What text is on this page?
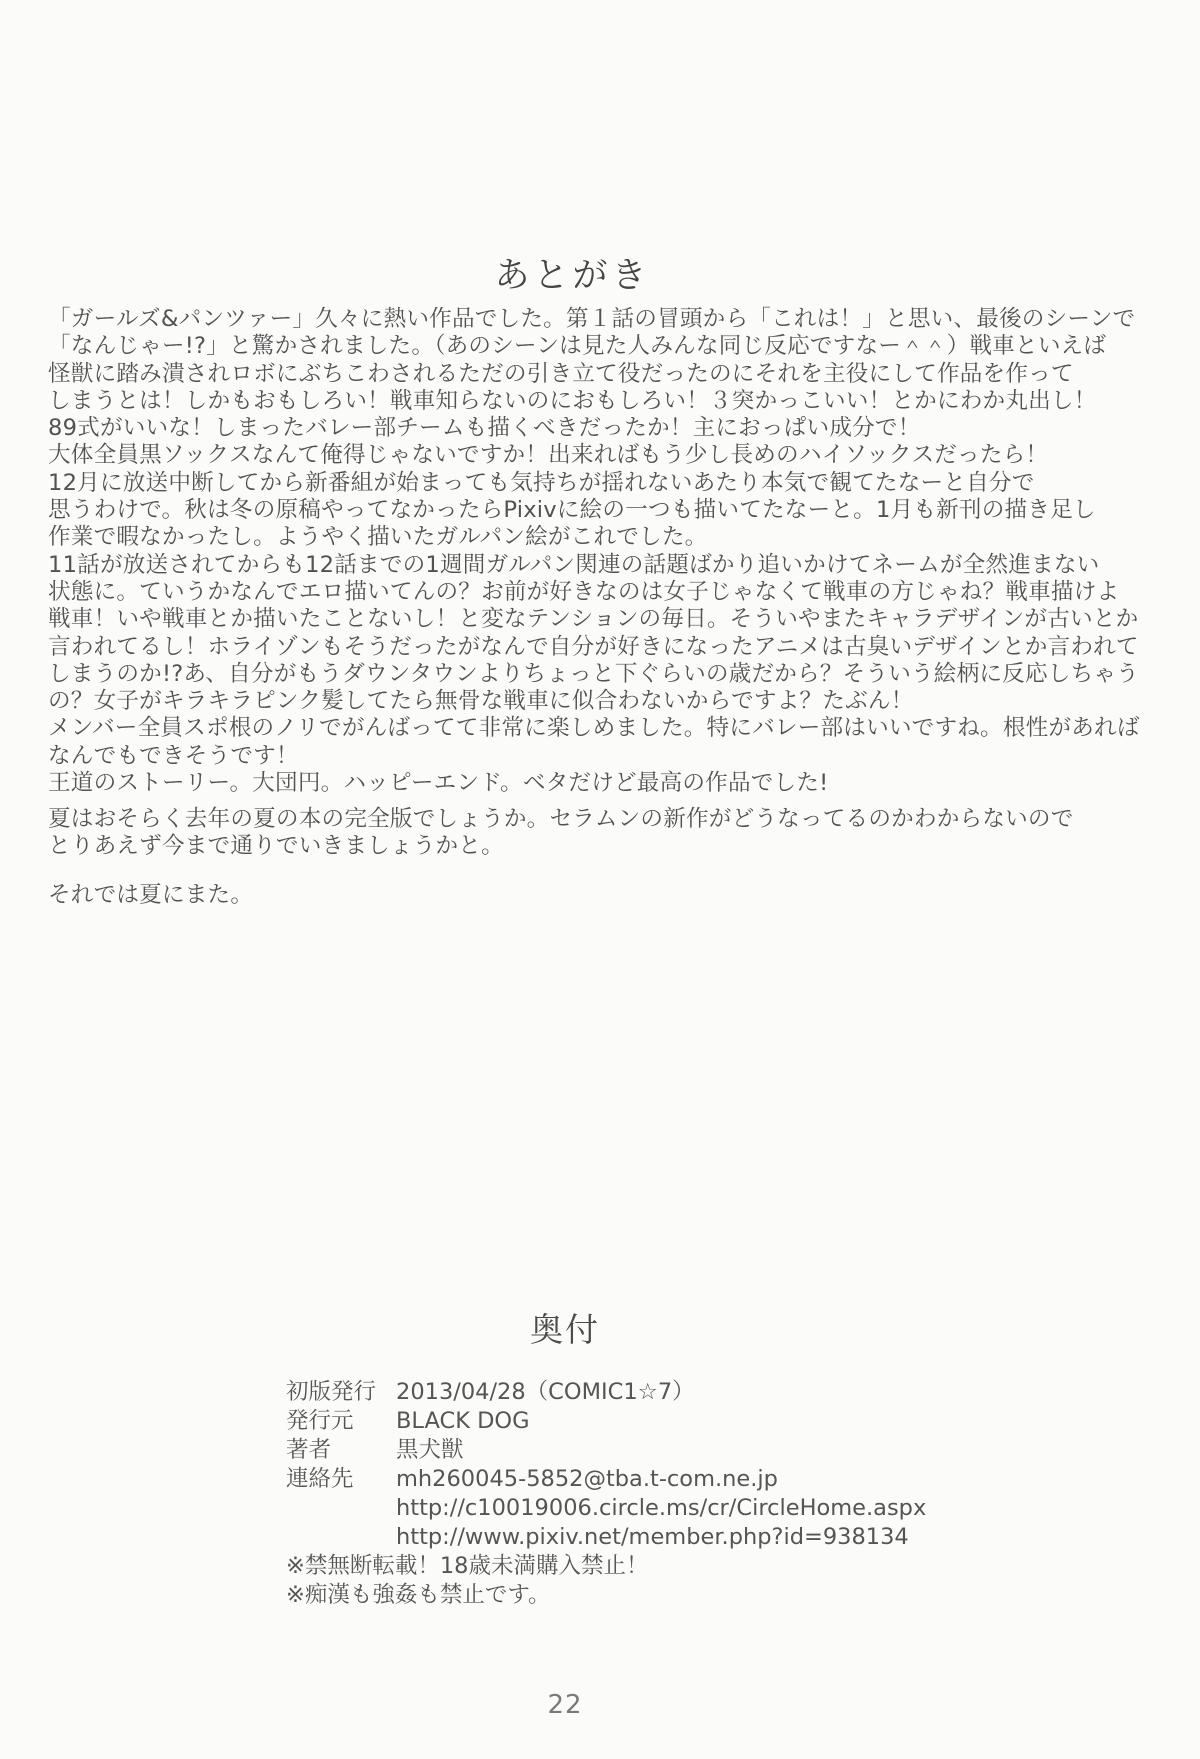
あとがき
「ガールズ&パンツァー」久々に熱い作品でした。第１話の冒頭から「これは！」と思い、最後のシーンで
「なんじゃー!?」と驚かされました。（あのシーンは見た人みんな同じ反応ですなー＾＾）戦車といえば
怪獣に踏み潰されロボにぶちこわされるただの引き立て役だったのにそれを主役にして作品を作って
しまうとは！しかもおもしろい！戦車知らないのにおもしろい！３突かっこいい！とかにわか丸出し！
89式がいいな！しまったバレー部チームも描くべきだったか！主におっぱい成分で！
大体全員黒ソックスなんて俺得じゃないですか！出来ればもう少し長めのハイソックスだったら！
12月に放送中断してから新番組が始まっても気持ちが揺れないあたり本気で観てたなーと自分で
思うわけで。秋は冬の原稿やってなかったらPixivに絵の一つも描いてたなーと。1月も新刊の描き足し
作業で暇なかったし。ようやく描いたガルパン絵がこれでした。
11話が放送されてからも12話までの1週間ガルパン関連の話題ばかり追いかけてネームが全然進まない
状態に。ていうかなんでエロ描いてんの？お前が好きなのは女子じゃなくて戦車の方じゃね？戦車描けよ
戦車！いや戦車とか描いたことないし！と変なテンションの毎日。そういやまたキャラデザインが古いとか
言われてるし！ホライゾンもそうだったがなんで自分が好きになったアニメは古臭いデザインとか言われて
しまうのか!?あ、自分がもうダウンタウンよりちょっと下ぐらいの歳だから？そういう絵柄に反応しちゃう
の？女子がキラキラピンク髪してたら無骨な戦車に似合わないからですよ？たぶん！
メンバー全員スポ根のノリでがんばってて非常に楽しめました。特にバレー部はいいですね。根性があれば
なんでもできそうです！
王道のストーリー。大団円。ハッピーエンド。ベタだけど最高の作品でした!
夏はおそらく去年の夏の本の完全版でしょうか。セラムンの新作がどうなってるのかわからないので
とりあえず今まで通りでいきましょうかと。
それでは夏にまた。
奥付
初版発行 2013/04/28（COMIC1☆7）
発行元	BLACK DOG
著者	黒犬獣
連絡先	mh260045-5852@tba.t-com.ne.jp
http://c10019006.circle.ms/cr/CircleHome.aspx
http://www.pixiv.net/member.php?id=938134
※禁無断転載！18歳未満購入禁止！
※痴漢も強姦も禁止です。
22
